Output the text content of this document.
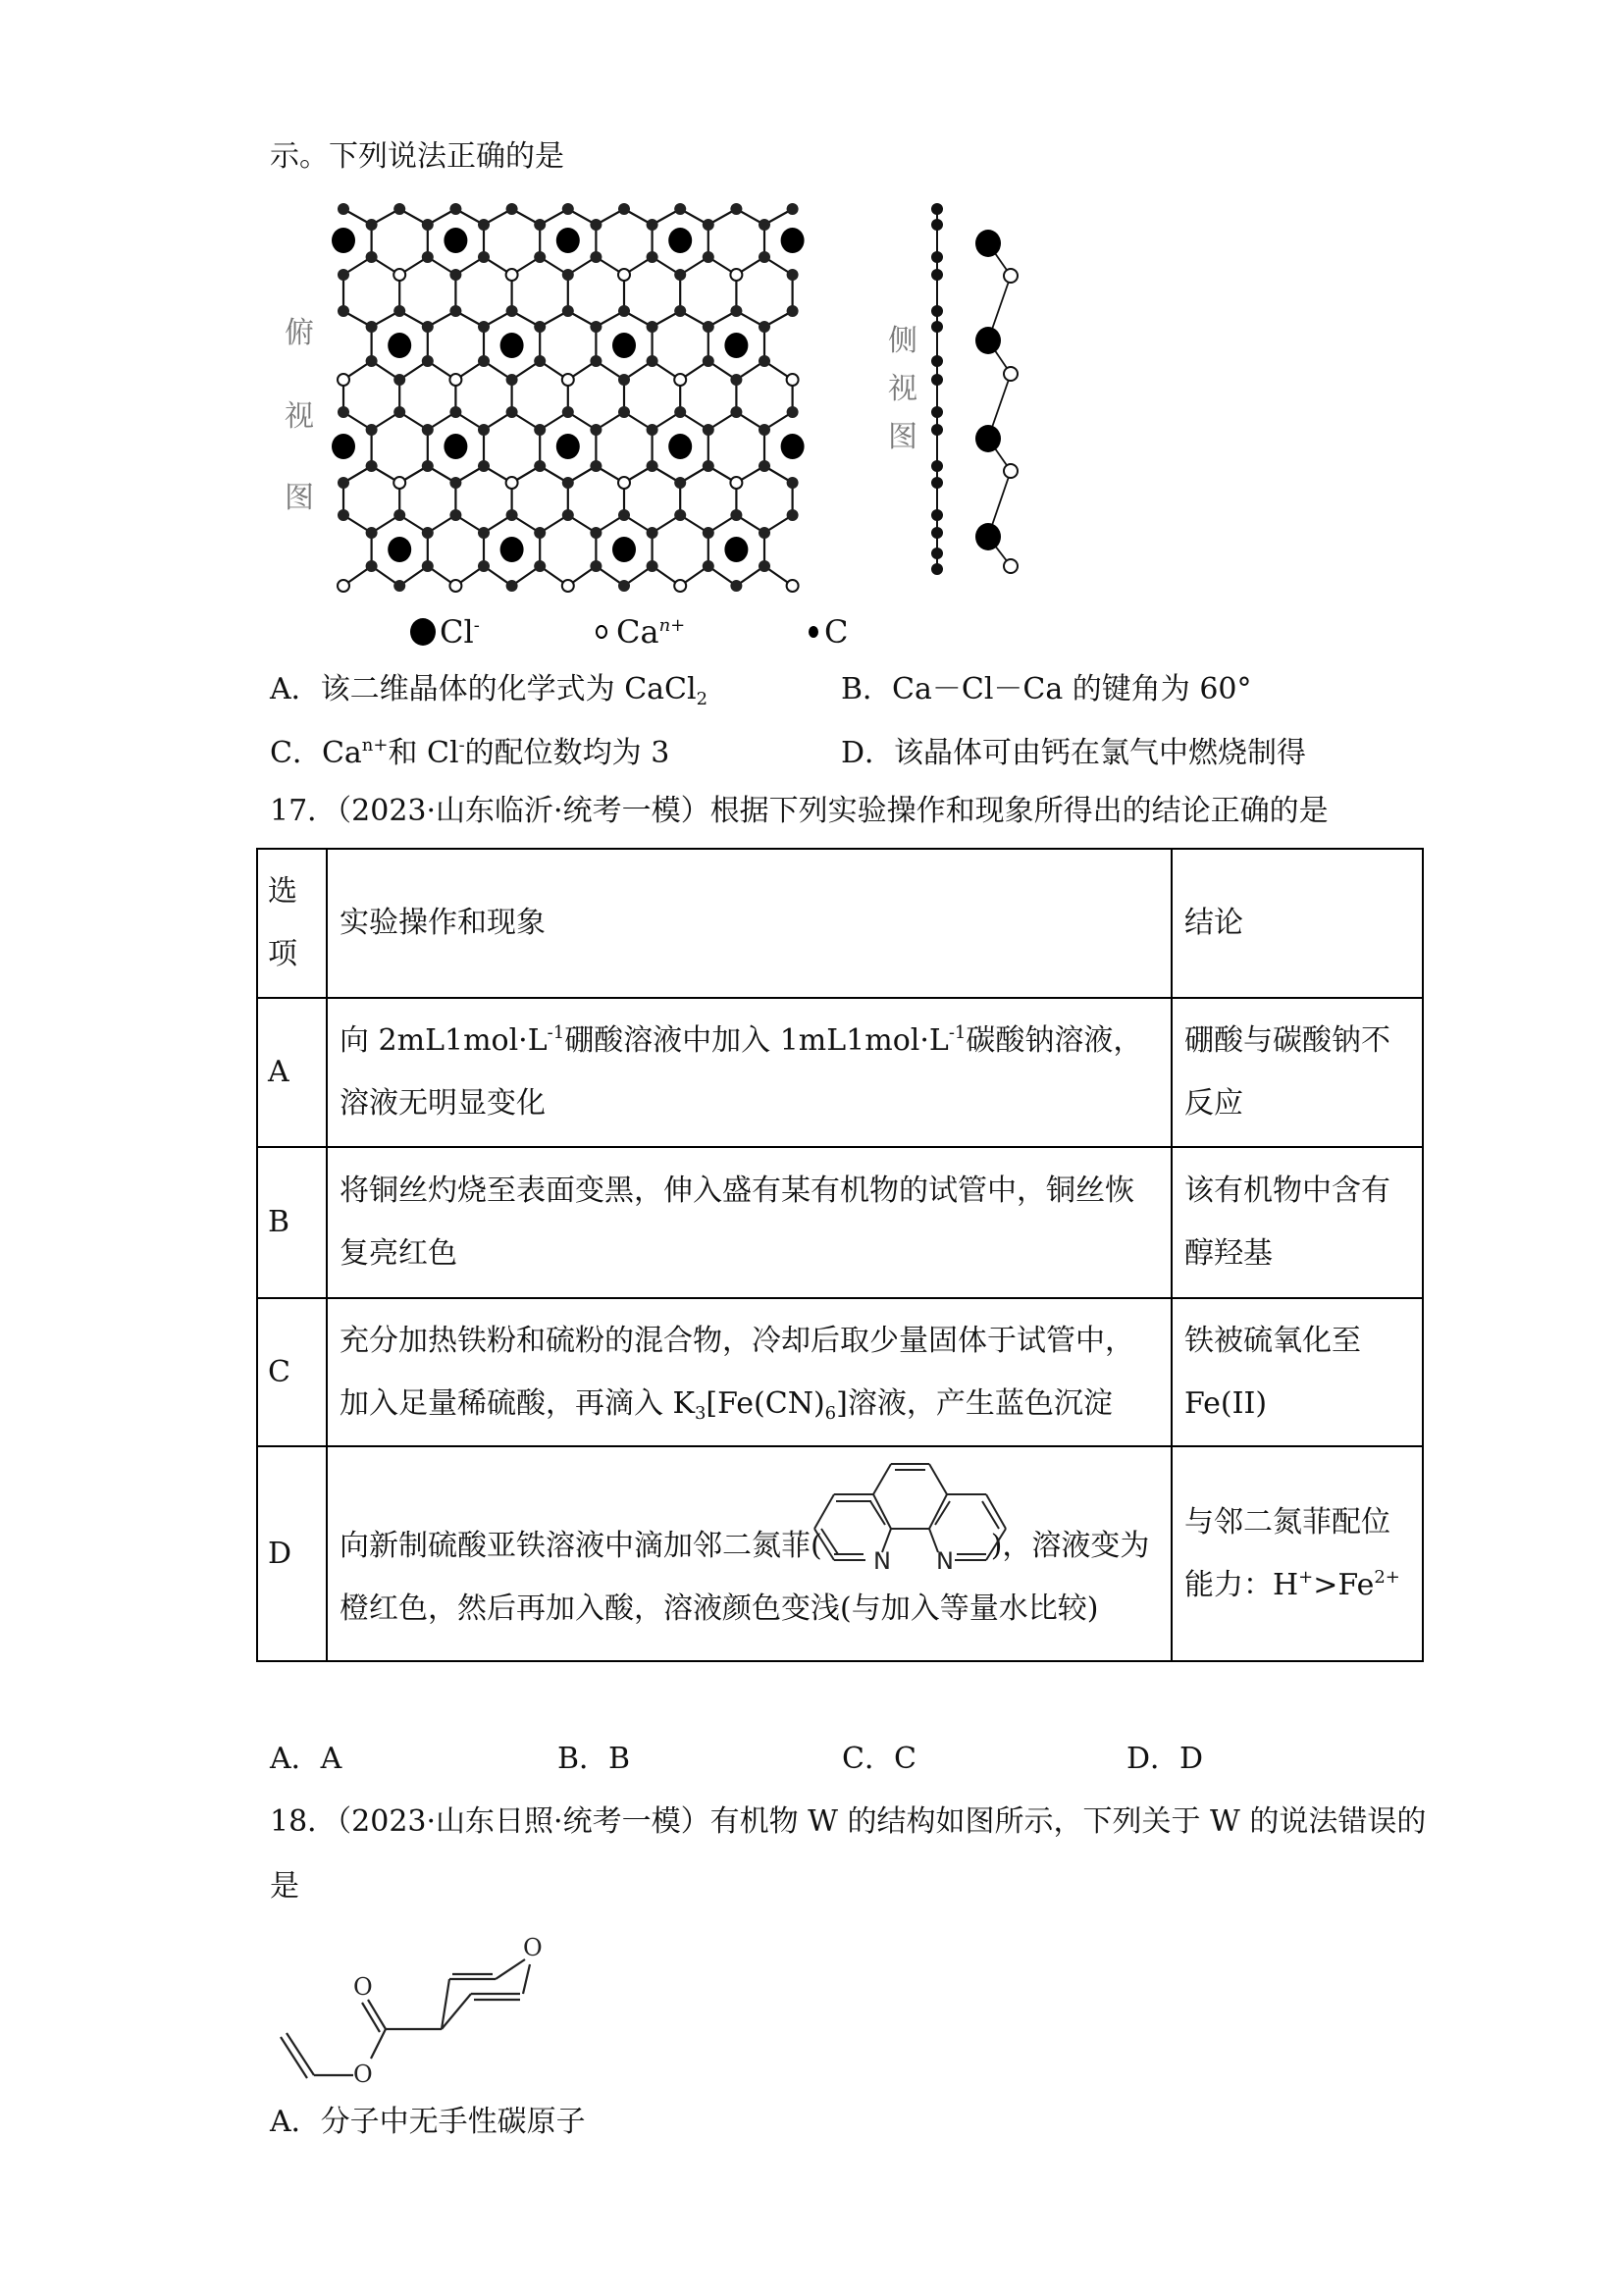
示。下列说法正确的是
俯
视
图
侧
视
图
Cl-	$Ca^{n+}$	C
A．该二维晶体的化学式为 CaCl$_2$	B．Ca－Cl－Ca 的键角为 60°
C．$Ca^{n+}$和 Cl-的配位数均为 3	D．该晶体可由钙在氯气中燃烧制得
17．（2023·山东临沂·统考一模）根据下列实验操作和现象所得出的结论正确的是
选
项	实验操作和现象	结论
A	向 $2mL1mol\cdot L^{-1}$硼酸溶液中加入 $1mL1mol\cdot L^{-1}$碳酸钠溶液，溶液无明显变化	硼酸与碳酸钠不反应
B	将铜丝灼烧至表面变黑，伸入盛有某有机物的试管中，铜丝恢复亮红色	该有机物中含有醇羟基
C	充分加热铁粉和硫粉的混合物，冷却后取少量固体于试管中，加入足量稀硫酸，再滴入 $K_3[Fe(CN)_6]$溶液，产生蓝色沉淀	铁被硫氧化至Fe(II)
D	向新制硫酸亚铁溶液中滴加邻二氮菲( )，溶液变为橙红色，然后再加入酸，溶液颜色变浅(与加入等量水比较)	与邻二氮菲配位能力：$H^+>Fe^{2+}$
N N
A．A	B．B	C．C	D．D
18．（2023·山东日照·统考一模）有机物 W 的结构如图所示，下列关于 W 的说法错误的
是
O
O
O
A．分子中无手性碳原子
